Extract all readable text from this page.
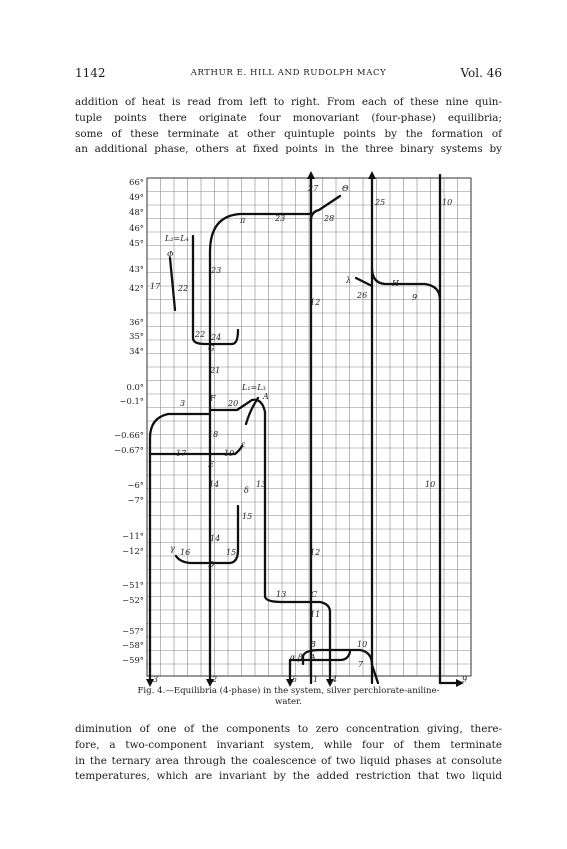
1142	ARTHUR E. HILL AND RUDOLPH MACY	Vol. 46

addition of heat is read from left to right. From each of these nine quin-
tuple points there originate four monovariant (four-phase) equilibria;
some of these terminate at other quintuple points by the formation of
an additional phase, others at fixed points in the three binary systems by

66°
49°
48°
46°
45°
43°
42°
36°
35°
34°
0.0°
−0.1°
−0.66°
−0.67°
−6°
−7°
−11°
−12°
−51°
−52°
−57°
−58°
−59°
27	Θ
25	10
23	I 28
π
L₂=L₄
Φ
23
17 22
λ
26
H
9
12
22 24
G
21
L₁=L₃
3
F
20
A
18
ε
17	19
E
14
δ
13	10
15
14
γ 16	15
D
12
13	C
11
B	10
α β A
7
3	2	5 1 4	9
Fig. 4.—Equilibria (4-phase) in the system, silver perchlorate-aniline-
water.

diminution of one of the components to zero concentration giving, there-
fore, a two-component invariant system, while four of them terminate
in the ternary area through the coalescence of two liquid phases at consolute
temperatures, which are invariant by the added restriction that two liquid
